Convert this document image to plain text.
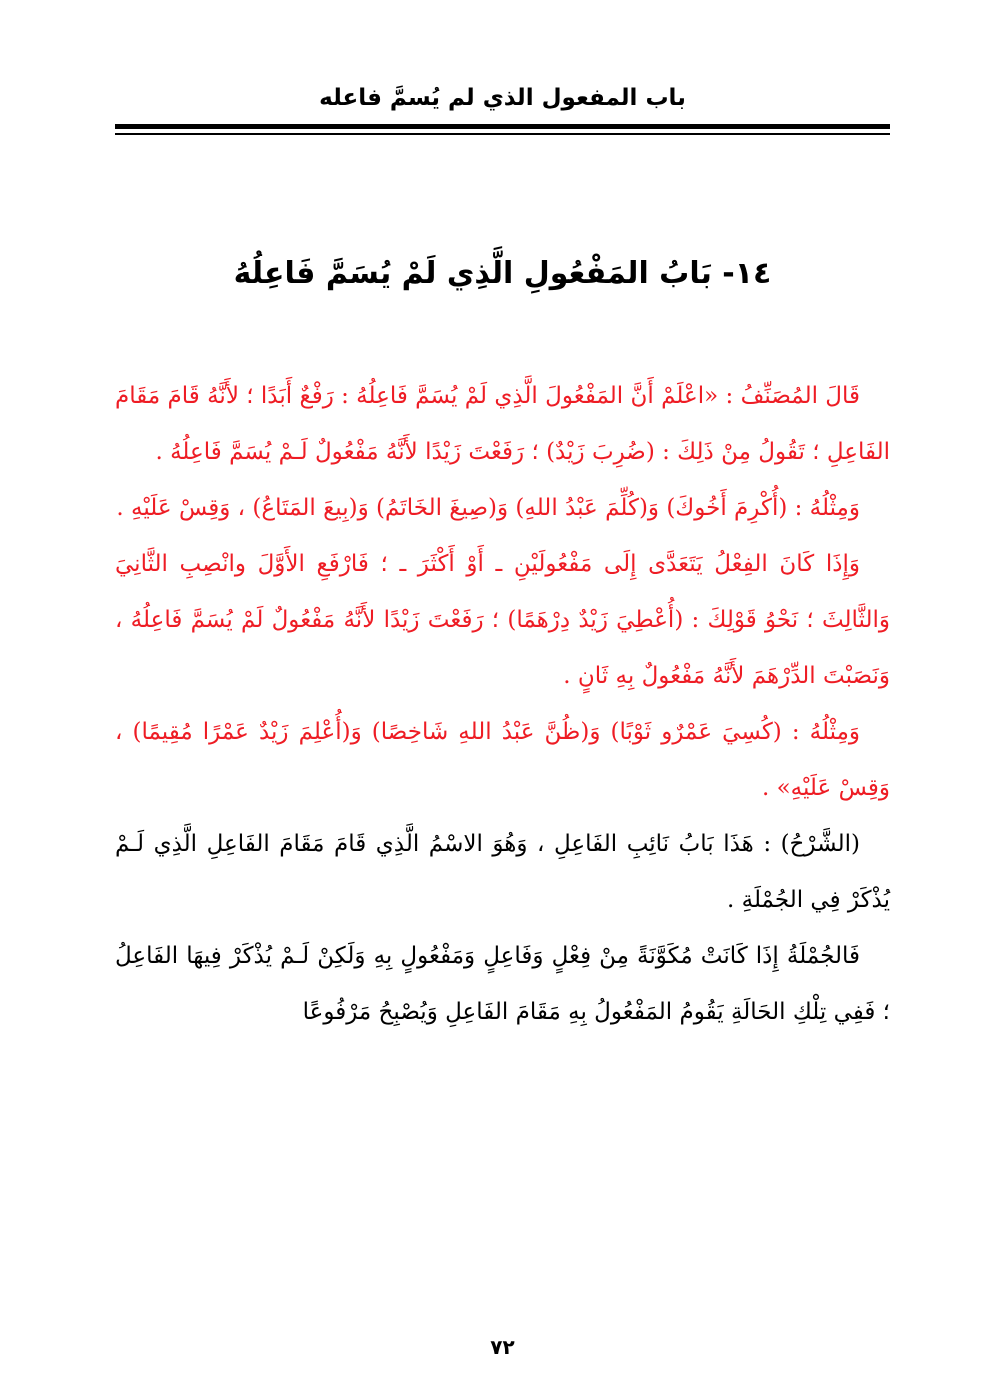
باب المفعول الذي لم يُسمَّ فاعله
١٤- بَابُ المَفْعُولِ الَّذِي لَمْ يُسَمَّ فَاعِلُهُ

قَالَ المُصَنِّفُ : «اعْلَمْ أَنَّ المَفْعُولَ الَّذِي لَمْ يُسَمَّ فَاعِلُهُ : رَفْعٌ أَبَدًا ؛ لأَنَّهُ قَامَ مَقَامَ الفَاعِلِ ؛ تَقُولُ مِنْ ذَلِكَ : (ضُرِبَ زَيْدٌ) ؛ رَفَعْتَ زَيْدًا لأَنَّهُ مَفْعُولٌ لَـمْ يُسَمَّ فَاعِلُهُ .

وَمِثْلُهُ : (أُكْرِمَ أَخُوكَ) وَ(كُلِّمَ عَبْدُ اللهِ) وَ(صِيغَ الخَاتَمُ) وَ(بِيعَ المَتَاعُ) ، وَقِسْ عَلَيْهِ .

وَإِذَا كَانَ الفِعْلُ يَتَعَدَّى إِلَى مَفْعُولَيْنِ ـ أَوْ أَكْثَرَ ـ ؛ فَارْفَعِ الأَوَّلَ وانْصِبِ الثَّانِيَ وَالثَّالِثَ ؛ نَحْوُ قَوْلِكَ : (أُعْطِيَ زَيْدٌ دِرْهَمًا) ؛ رَفَعْتَ زَيْدًا لأَنَّهُ مَفْعُولٌ لَمْ يُسَمَّ فَاعِلُهُ ، وَنَصَبْتَ الدِّرْهَمَ لأَنَّهُ مَفْعُولٌ بِهِ ثَانٍ .

وَمِثْلُهُ : (كُسِيَ عَمْرٌو ثَوْبًا) وَ(ظُنَّ عَبْدُ اللهِ شَاخِصًا) وَ(أُعْلِمَ زَيْدٌ عَمْرًا مُقِيمًا) ، وَقِسْ عَلَيْهِ» .

(الشَّرْحُ) : هَذَا بَابُ نَائِبِ الفَاعِلِ ، وَهُوَ الاسْمُ الَّذِي قَامَ مَقَامَ الفَاعِلِ الَّذِي لَـمْ يُذْكَرْ فِي الجُمْلَةِ .

فَالجُمْلَةُ إِذَا كَانَتْ مُكَوَّنَةً مِنْ فِعْلٍ وَفَاعِلٍ وَمَفْعُولٍ بِهِ وَلَكِنْ لَـمْ يُذْكَرْ فِيهَا الفَاعِلُ ؛ فَفِي تِلْكِ الحَالَةِ يَقُومُ المَفْعُولُ بِهِ مَقَامَ الفَاعِلِ وَيُصْبِحُ مَرْفُوعًا

٧٢
